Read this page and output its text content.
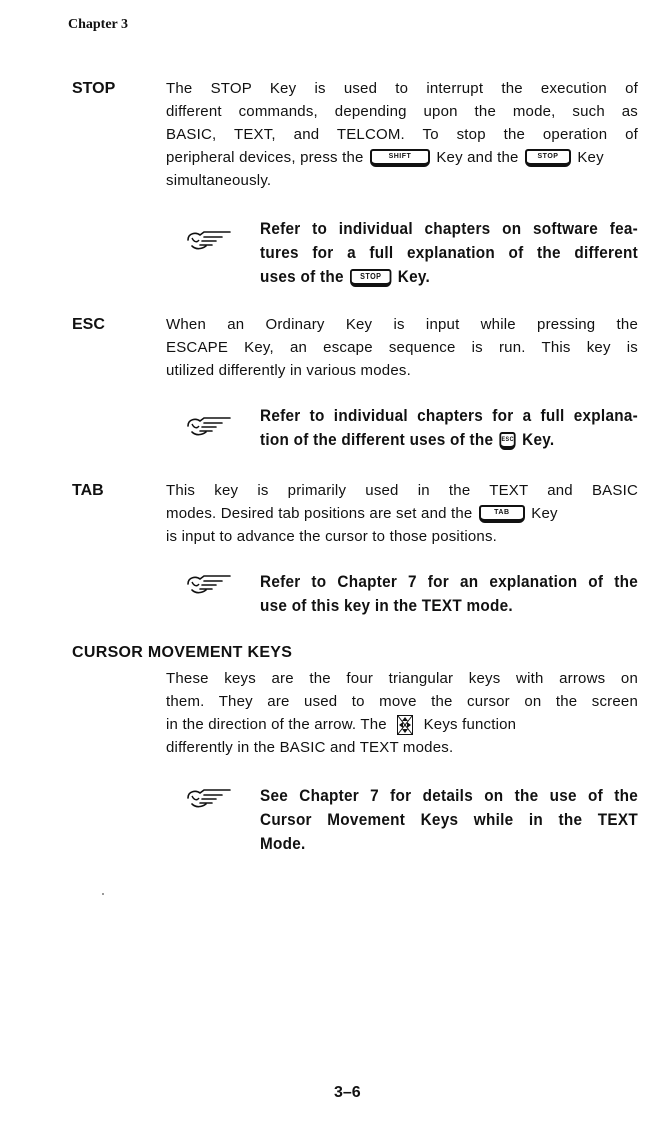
Chapter 3
STOP	The STOP Key is used to interrupt the execution of
different commands, depending upon the mode, such as
BASIC, TEXT, and TELCOM. To stop the operation of
peripheral devices, press the	SHIFT Key and the	STOP Key
simultaneously.
Refer to individual chapters on software fea-
tures for a full explanation of the different
uses of the STOP Key.
ESC	When an Ordinary Key is input while pressing the
ESCAPE Key, an escape sequence is run. This key is
utilized differently in various modes.
Refer to individual chapters for a full explana-
tion of the different uses of the ESC Key.
TAB	This key is primarily used in the TEXT and BASIC
modes. Desired tab positions are set and the	TAB Key
is input to advance the cursor to those positions.
Refer to Chapter 7 for an explanation of the
use of this key in the TEXT mode.
CURSOR MOVEMENT KEYS
These keys are the four triangular keys with arrows on
them. They are used to move the cursor on the screen
in the direction of the arrow. The Keys function
differently in the BASIC and TEXT modes.
See Chapter 7 for details on the use of the
Cursor Movement Keys while in the TEXT
Mode.
3–6
